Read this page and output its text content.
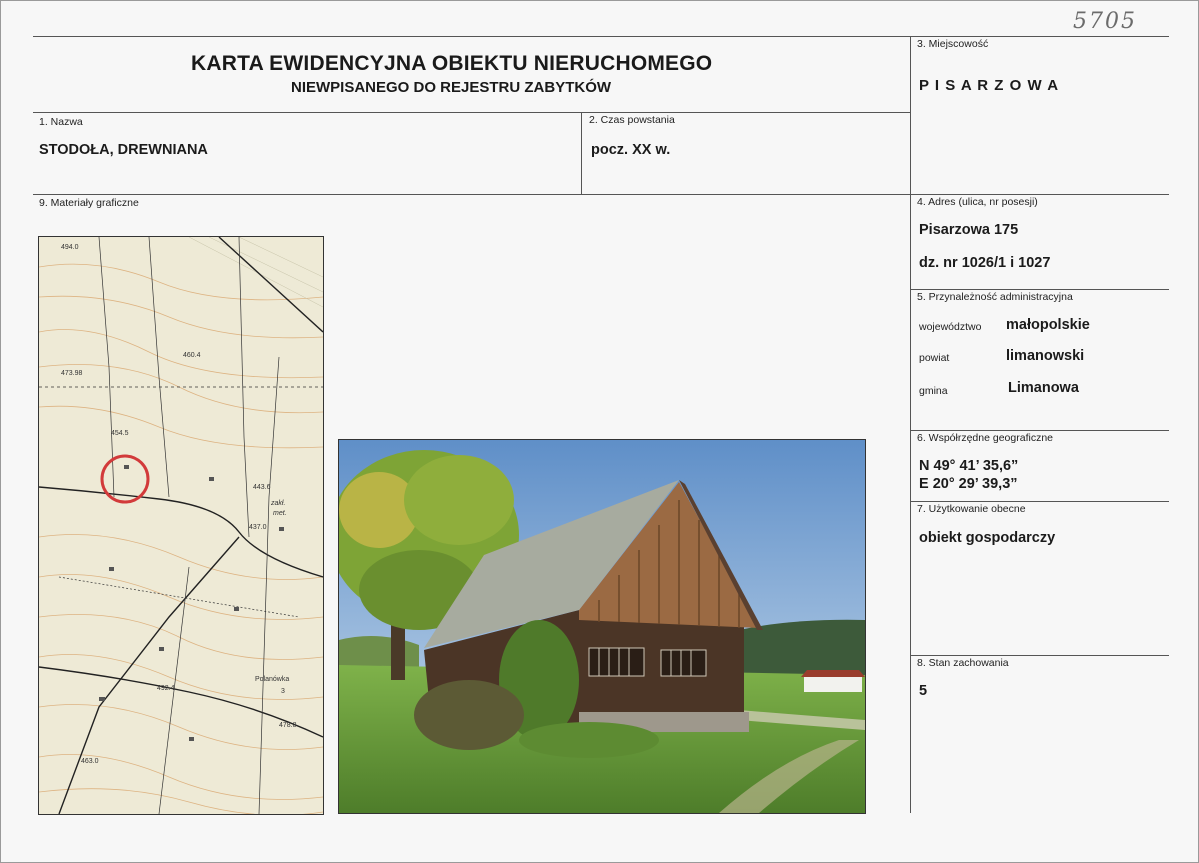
5705
KARTA EWIDENCYJNA OBIEKTU NIERUCHOMEGO
NIEWPISANEGO DO REJESTRU ZABYTKÓW
1. Nazwa
STODOŁA, DREWNIANA
2. Czas powstania
pocz. XX w.
3. Miejscowość
P I S A R Z O W A
4. Adres (ulica, nr posesji)
Pisarzowa 175
dz. nr 1026/1 i 1027
5. Przynależność administracyjna
województwo małopolskie
powiat	limanowski
gmina	Limanowa
6. Współrzędne geograficzne
N 49° 41’ 35,6”
E 20° 29’ 39,3”
7. Użytkowanie obecne
obiekt gospodarczy
8. Stan zachowania
5
9. Materiały graficzne
494.0
460.4
473.98
454.5
443.6
zakł.
met.
437.0
Polanówka
3
492.4
478.8
463.0
